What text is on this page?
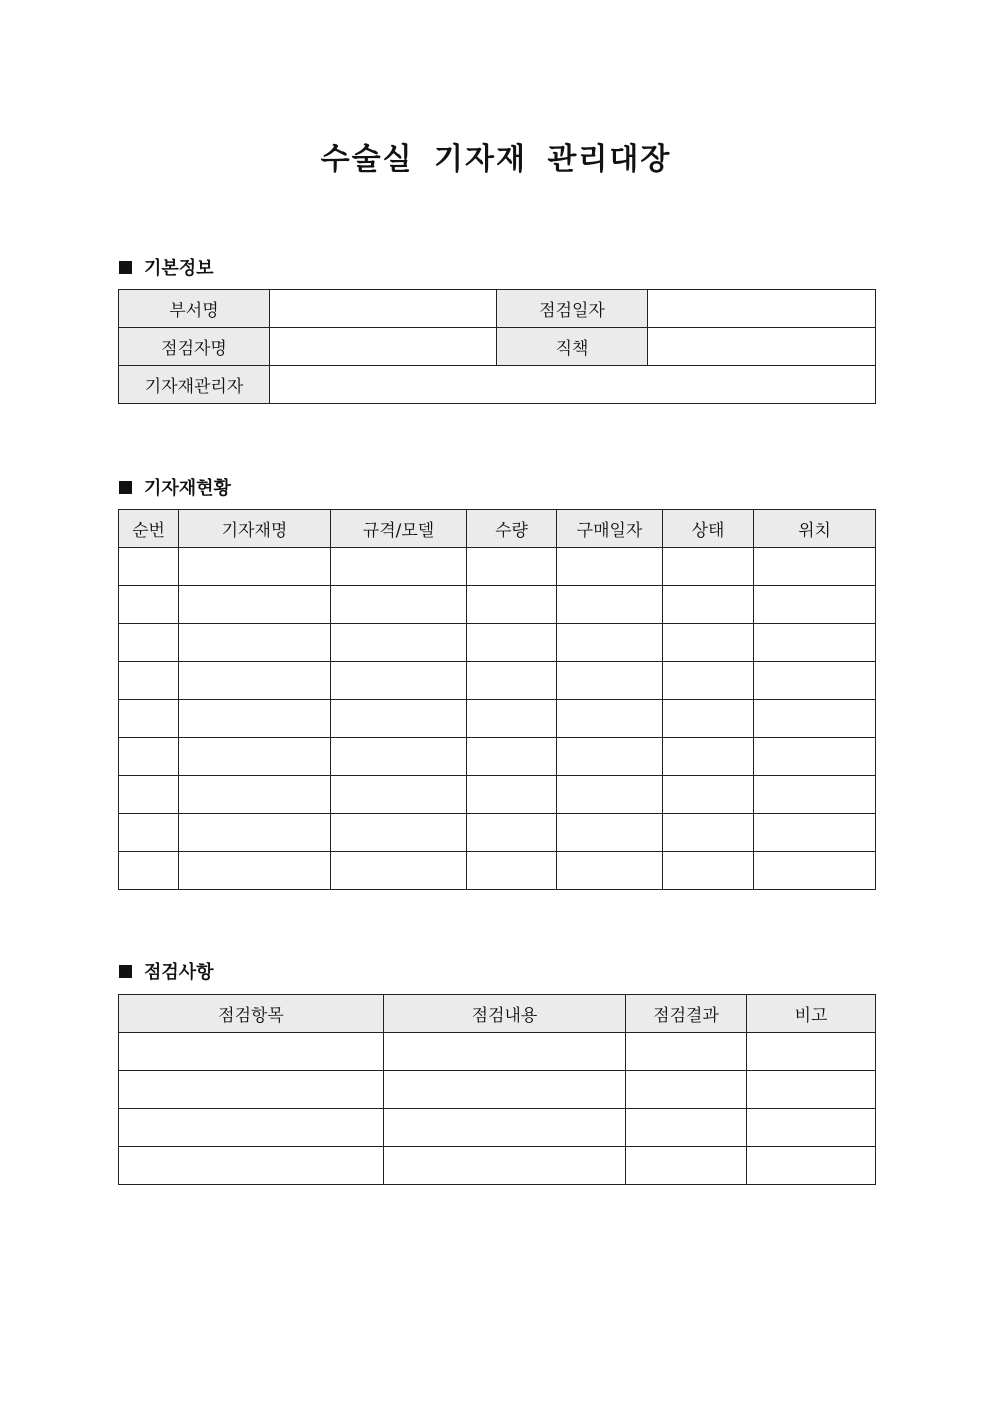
수술실 기자재 관리대장
기본정보
부서명		점검일자	
점검자명		직책	
기자재관리자			
기자재현황
순번	기자재명	규격/모델	수량	구매일자	상태	위치

점검사항
점검항목	점검내용	점검결과	비고
